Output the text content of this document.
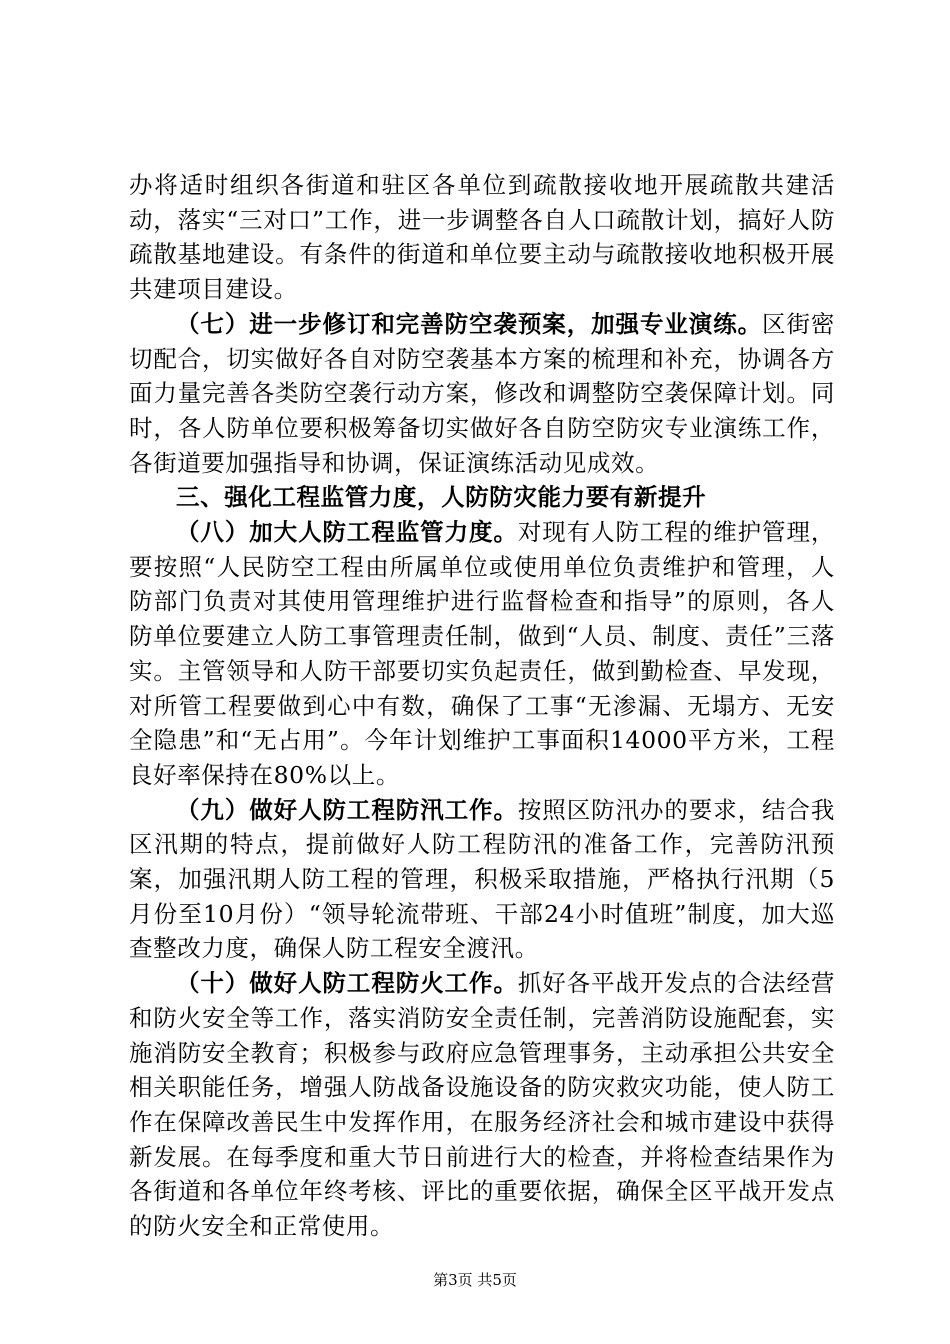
办将适时组织各街道和驻区各单位到疏散接收地开展疏散共建活动，落实“三对口”工作，进一步调整各自人口疏散计划，搞好人防疏散基地建设。有条件的街道和单位要主动与疏散接收地积极开展共建项目建设。

（七）进一步修订和完善防空袭预案，加强专业演练。区街密切配合，切实做好各自对防空袭基本方案的梳理和补充，协调各方面力量完善各类防空袭行动方案，修改和调整防空袭保障计划。同时，各人防单位要积极筹备切实做好各自防空防灾专业演练工作，各街道要加强指导和协调，保证演练活动见成效。

三、强化工程监管力度，人防防灾能力要有新提升

（八）加大人防工程监管力度。对现有人防工程的维护管理，要按照“人民防空工程由所属单位或使用单位负责维护和管理，人防部门负责对其使用管理维护进行监督检查和指导”的原则，各人防单位要建立人防工事管理责任制，做到“人员、制度、责任”三落实。主管领导和人防干部要切实负起责任，做到勤检查、早发现，对所管工程要做到心中有数，确保了工事“无渗漏、无塌方、无安全隐患”和“无占用”。今年计划维护工事面积14000平方米，工程良好率保持在80%以上。

（九）做好人防工程防汛工作。按照区防汛办的要求，结合我区汛期的特点，提前做好人防工程防汛的准备工作，完善防汛预案，加强汛期人防工程的管理，积极采取措施，严格执行汛期（5月份至10月份）“领导轮流带班、干部24小时值班”制度，加大巡查整改力度，确保人防工程安全渡汛。

（十）做好人防工程防火工作。抓好各平战开发点的合法经营和防火安全等工作，落实消防安全责任制，完善消防设施配套，实施消防安全教育；积极参与政府应急管理事务，主动承担公共安全相关职能任务，增强人防战备设施设备的防灾救灾功能，使人防工作在保障改善民生中发挥作用，在服务经济社会和城市建设中获得新发展。在每季度和重大节日前进行大的检查，并将检查结果作为各街道和各单位年终考核、评比的重要依据，确保全区平战开发点的防火安全和正常使用。

第3页 共5页
